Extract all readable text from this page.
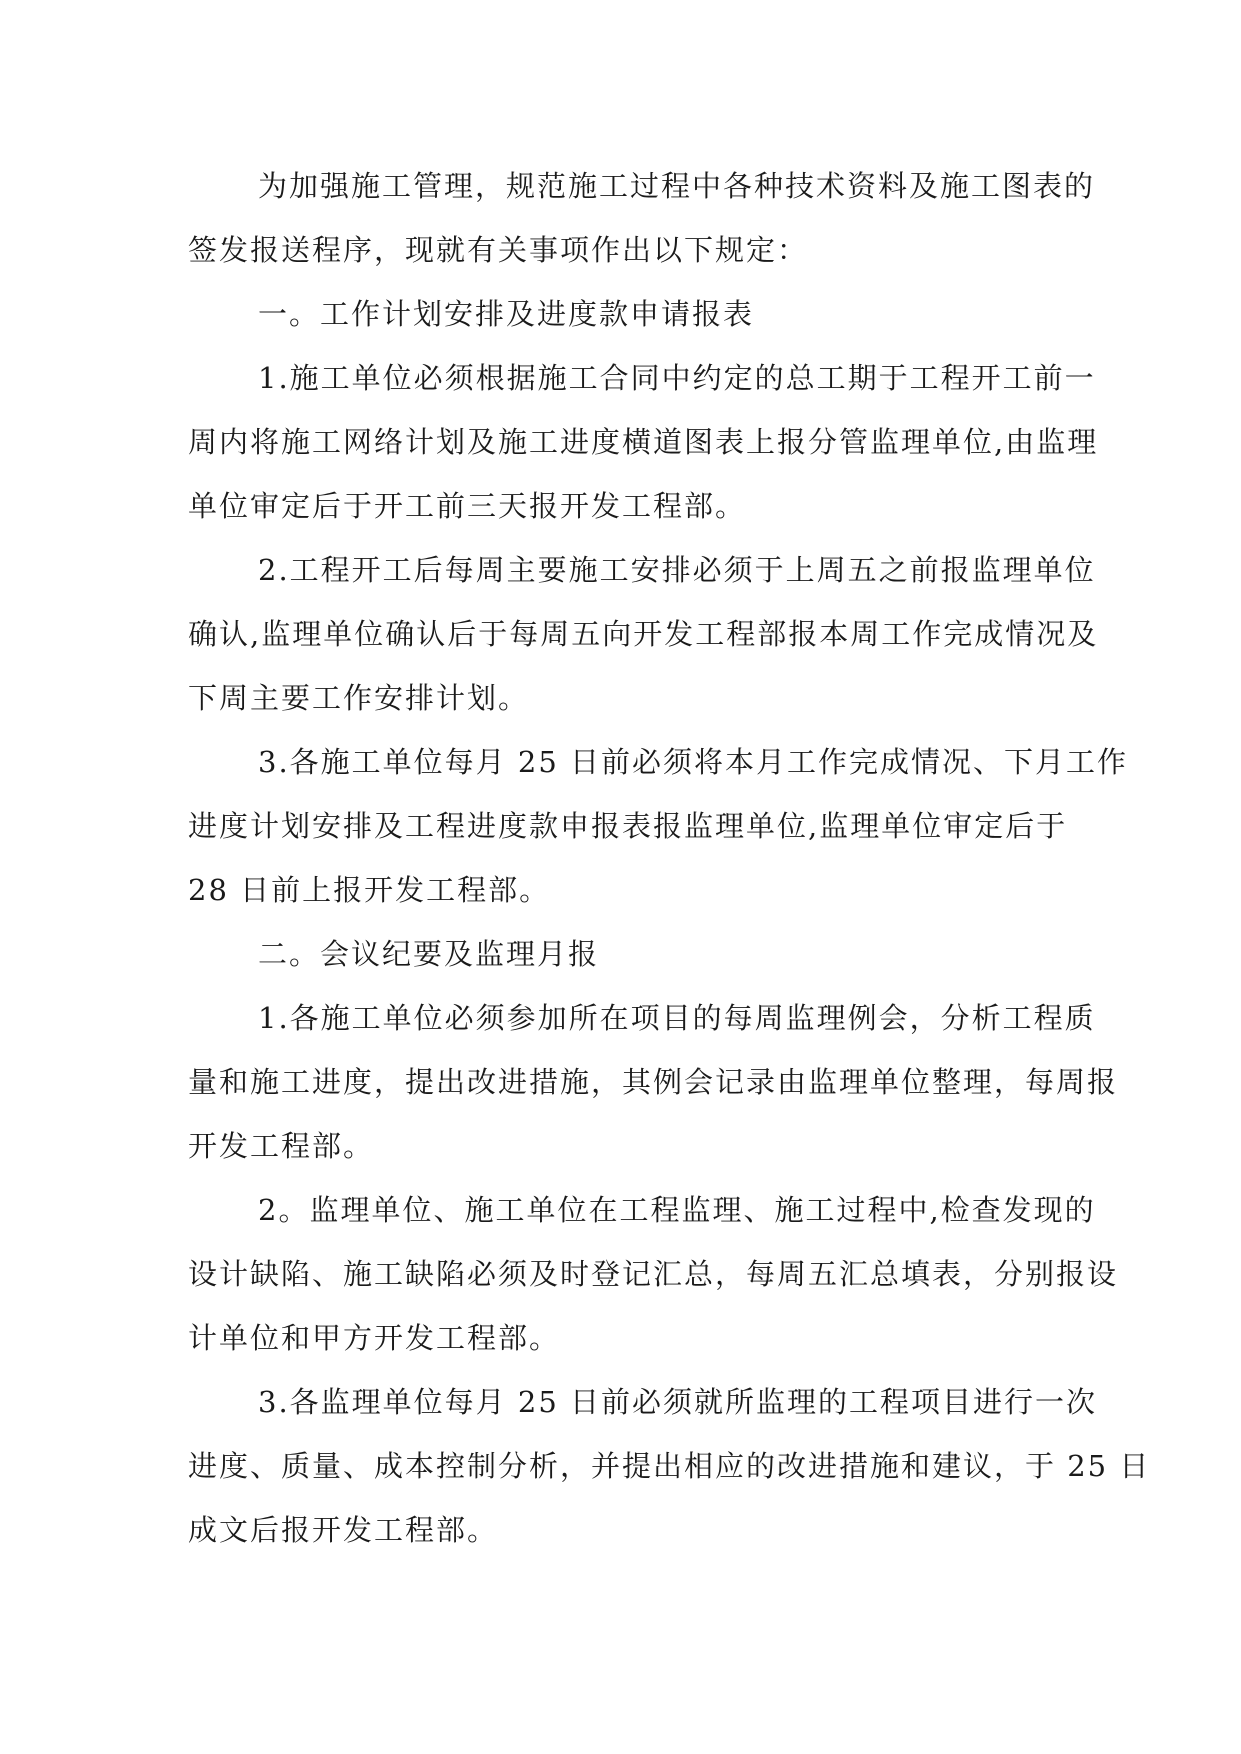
为加强施工管理，规范施工过程中各种技术资料及施工图表的
签发报送程序，现就有关事项作出以下规定：
一。工作计划安排及进度款申请报表
1.施工单位必须根据施工合同中约定的总工期于工程开工前一
周内将施工网络计划及施工进度横道图表上报分管监理单位,由监理
单位审定后于开工前三天报开发工程部。
2.工程开工后每周主要施工安排必须于上周五之前报监理单位
确认,监理单位确认后于每周五向开发工程部报本周工作完成情况及
下周主要工作安排计划。
3.各施工单位每月 25 日前必须将本月工作完成情况、下月工作
进度计划安排及工程进度款申报表报监理单位,监理单位审定后于
28 日前上报开发工程部。
二。会议纪要及监理月报
1.各施工单位必须参加所在项目的每周监理例会，分析工程质
量和施工进度，提出改进措施，其例会记录由监理单位整理，每周报
开发工程部。
2。监理单位、施工单位在工程监理、施工过程中,检查发现的
设计缺陷、施工缺陷必须及时登记汇总，每周五汇总填表，分别报设
计单位和甲方开发工程部。
3.各监理单位每月 25 日前必须就所监理的工程项目进行一次
进度、质量、成本控制分析，并提出相应的改进措施和建议，于 25 日
成文后报开发工程部。
